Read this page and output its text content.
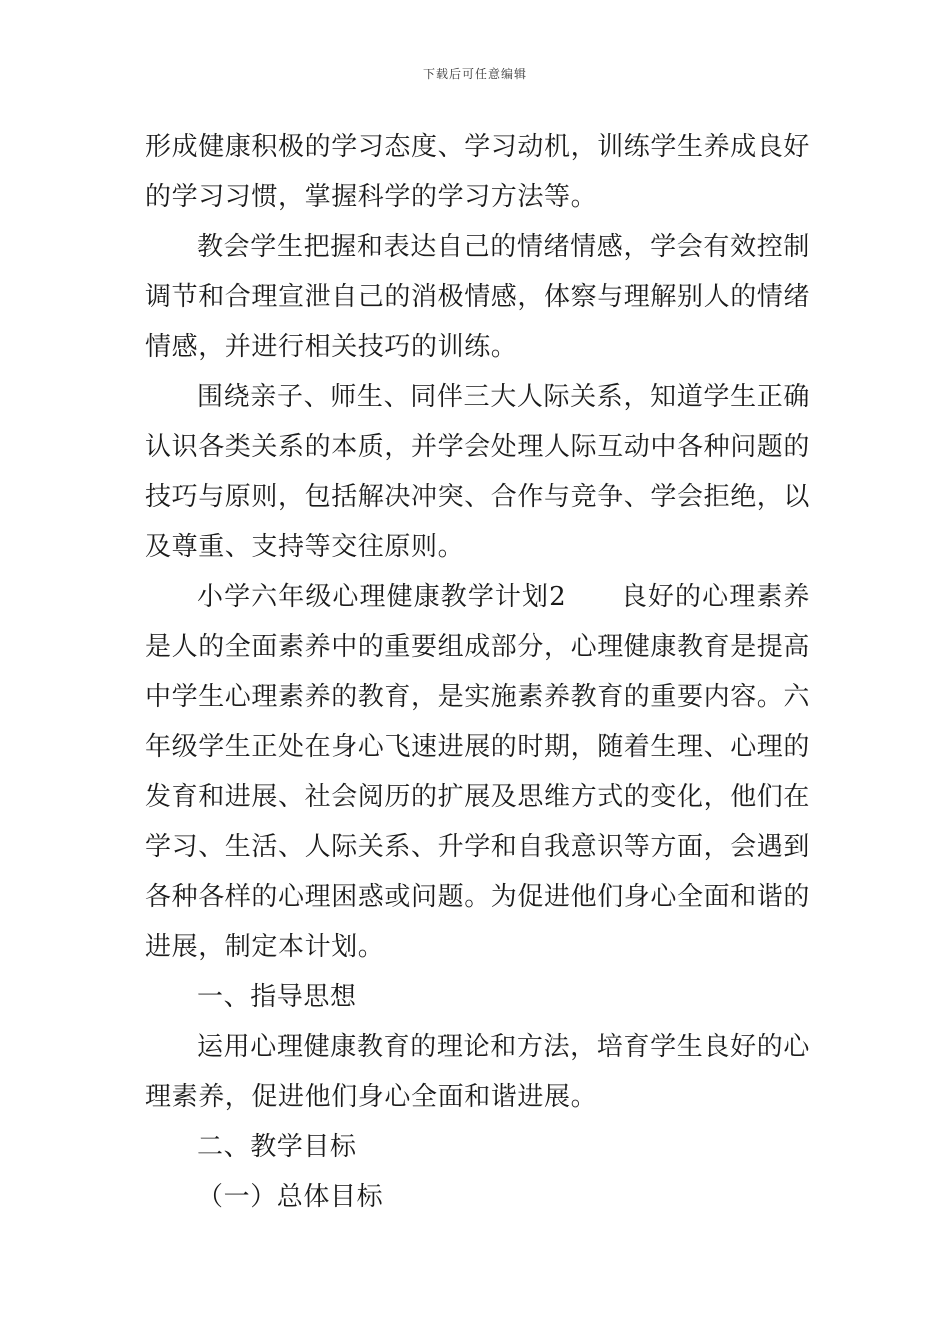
下载后可任意编辑

形成健康积极的学习态度、学习动机，训练学生养成良好的学习习惯，掌握科学的学习方法等。

教会学生把握和表达自己的情绪情感，学会有效控制调节和合理宣泄自己的消极情感，体察与理解别人的情绪情感，并进行相关技巧的训练。

围绕亲子、师生、同伴三大人际关系，知道学生正确认识各类关系的本质，并学会处理人际互动中各种问题的技巧与原则，包括解决冲突、合作与竞争、学会拒绝，以及尊重、支持等交往原则。

小学六年级心理健康教学计划2　　良好的心理素养是人的全面素养中的重要组成部分，心理健康教育是提高中学生心理素养的教育，是实施素养教育的重要内容。六年级学生正处在身心飞速进展的时期，随着生理、心理的发育和进展、社会阅历的扩展及思维方式的变化，他们在学习、生活、人际关系、升学和自我意识等方面，会遇到各种各样的心理困惑或问题。为促进他们身心全面和谐的进展，制定本计划。

一、指导思想

运用心理健康教育的理论和方法，培育学生良好的心理素养，促进他们身心全面和谐进展。

二、教学目标

（一）总体目标
